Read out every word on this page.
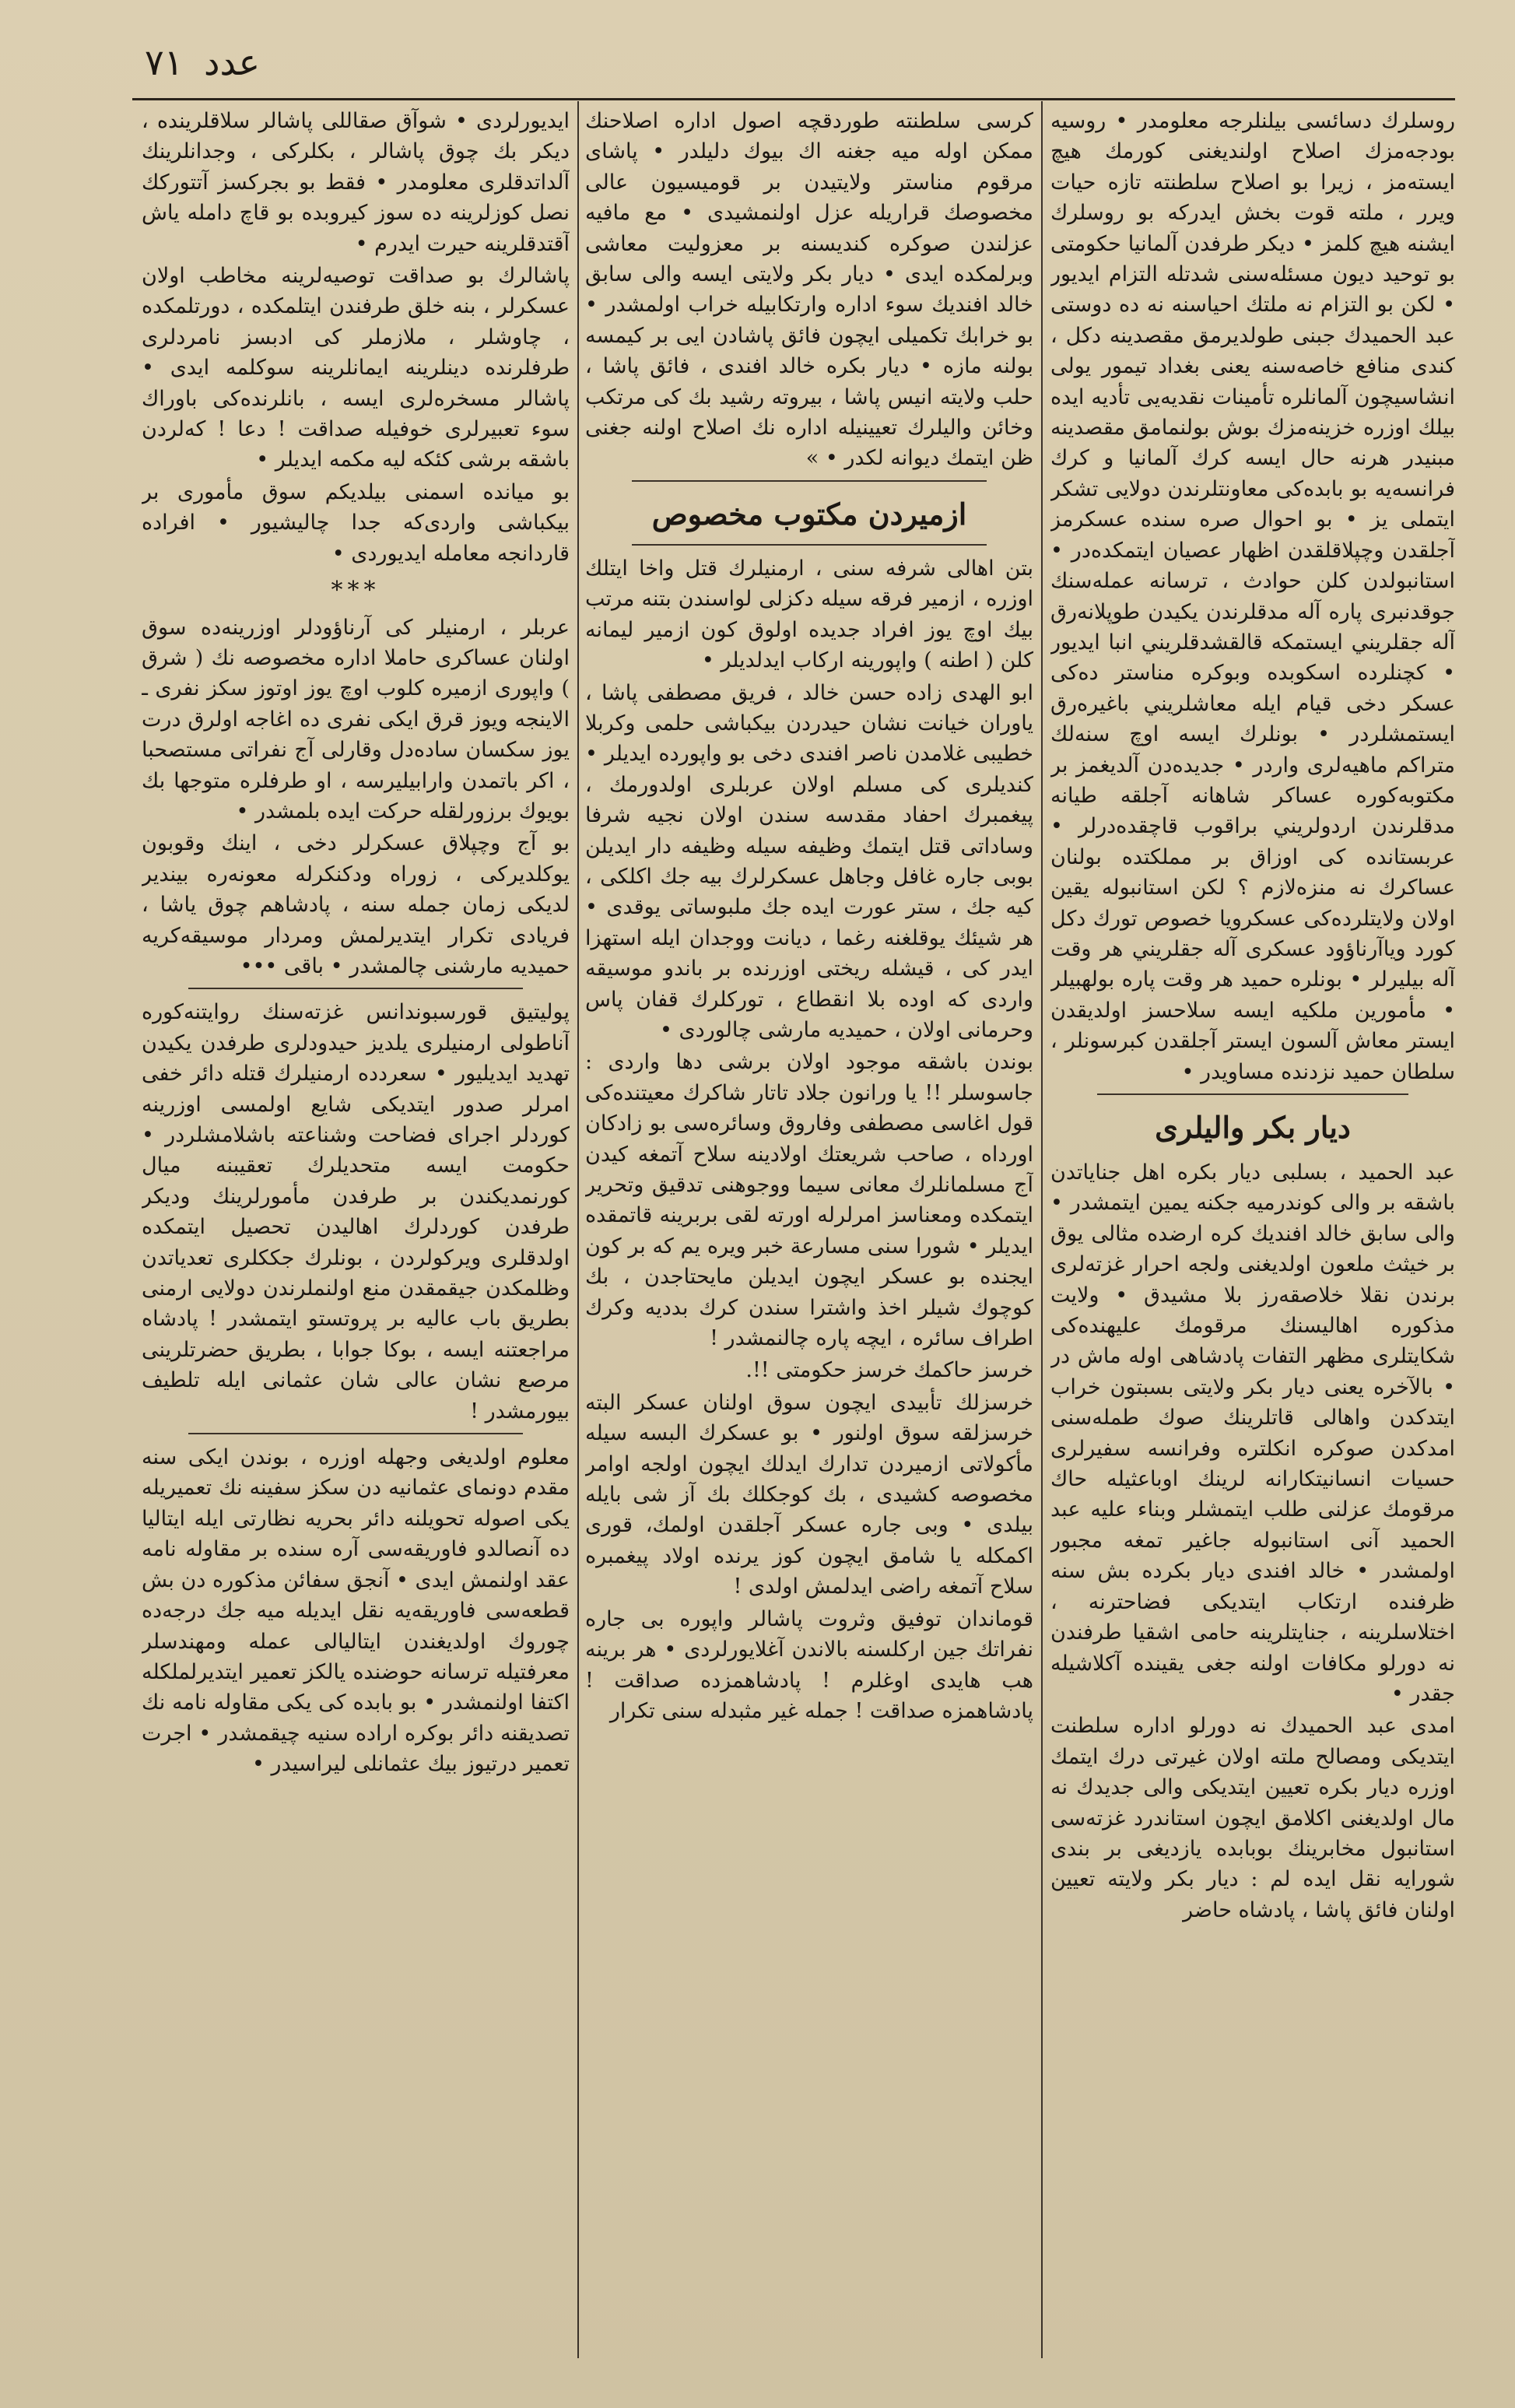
عدد ٧١

روسلرك دسائسی بيلنلرجه معلومدر • روسيه بودجه‌مزك اصلاح اولنديغنی كورمك هيچ ايسته‌مز ، زيرا بو اصلاح سلطنته تازه حيات ويرر ، ملته قوت بخش ايدركه بو روسلرك ايشنه هيچ كلمز • ديكر طرفدن آلمانيا حكومتی بو توحيد ديون مسئله‌سنی شدتله التزام ايديور • لكن بو التزام نه ملتك احياسنه نه ده دوستی عبد الحميدك جبنی طولديرمق مقصدينه دكل ، كندی منافع خاصه‌سنه يعنی بغداد تيمور يولی انشاسيچون آلمانلره تأمينات نقديه‌يی تأديه ايده بيلك اوزره خزينه‌مزك بوش بولنمامق مقصدينه مبنيدر هرنه حال ايسه كرك آلمانيا و كرك فرانسه‌يه بو بابده‌كی معاونتلرندن دولايی تشكر ايتملی يز • بو احوال صره سنده عسكرمز آجلقدن وچپلاقلقدن اظهار عصيان ايتمكده‌در • استانبولدن كلن حوادث ، ترسانه عمله‌سنك جوقدنبری پاره آله مدقلرندن يكيدن طوپلانه‌رق آله جقلريني ايستمكه قالقشدقلريني انبا ايديور • كچنلرده اسكوبده وبوكره مناستر ده‌كی عسكر دخی قيام ايله معاشلريني باغيره‌رق ايستمشلردر • بونلرك ايسه اوچ سنه‌لك متراكم ماهيه‌لری واردر • جديده‌دن آلديغمز بر مكتوبه‌كوره عساكر شاهانه آجلقه طيانه مدقلرندن اردولريني براقوب قاچقده‌درلر • عربستانده كی اوزاق بر مملكتده بولنان عساكرك نه منزه‌لازم ؟ لكن استانبوله يقين اولان ولايتلرده‌كی عسكرويا خصوص تورك دكل كورد وياآرناؤود عسكری آله جقلريني هر وقت آله بيليرلر • بونلره حميد هر وقت پاره بولهبيلر • مأمورين ملكيه ايسه سلاحسز اولديقدن ايستر معاش آلسون ايستر آجلقدن كبرسونلر ، سلطان حميد نزدنده مساويدر •

ديار بكر واليلری

عبد الحميد ، بسلبی ديار بكره اهل جناياتدن باشقه بر والی كوندرميه جكنه يمين ايتمشدر • والی سابق خالد افنديك كره ارضده مثالی يوق بر خيثث ملعون اولديغنی ولجه احرار غزته‌لری برندن نقلا خلاصقه‌رز بلا مشيدق • ولايت مذكوره اهاليسنك مرقومك عليهنده‌كی شكايتلری مظهر التفات پادشاهی اوله ماش در • بالآخره يعنی ديار بكر ولايتی بسبتون خراب ايتدكدن واهالی قاتلرينك صوك طمله‌سنی امدكدن صوكره انكلتره وفرانسه سفيرلری حسيات انسانيتكارانه لرينك اوباعثيله حاك مرقومك عزلنی طلب ايتمشلر وبناء عليه عبد الحميد آنی استانبوله جاغير تمغه مجبور اولمشدر • خالد افندی ديار بكرده بش سنه ظرفنده ارتكاب ايتديكی فضاحترنه ، اختلاسلرينه ، جنايتلرينه حامی اشقيا طرفندن نه دورلو مكافات اولنه جغی يقينده آكلاشيله جقدر •

امدی عبد الحميدك نه دورلو اداره سلطنت ايتديكی ومصالح ملته اولان غيرتی درك ايتمك اوزره ديار بكره تعيين ايتديكی والی جديدك نه مال اولديغنی اكلامق ايچون استاندرد غزته‌سی استانبول مخابرينك بوبابده يازديغی بر بندی شورايه نقل ايده لم : ديار بكر ولايته تعيين اولنان فائق پاشا ، پادشاه حاضر

كرسی سلطنته طوردقچه اصول اداره اصلاحنك ممكن اوله ميه جغنه اك بيوك دليلدر • پاشای مرقوم مناستر ولايتيدن بر قوميسيون عالی مخصوصك قراريله عزل اولنمشيدی • مع مافيه عزلندن صوكره كنديسنه بر معزوليت معاشی وبرلمكده ايدی • ديار بكر ولايتی ايسه والی سابق خالد افنديك سوء اداره وارتكابيله خراب اولمشدر • بو خرابك تكميلی ايچون فائق پاشادن ايی بر كيمسه بولنه مازه • ديار بكره خالد افندی ، فائق پاشا ، حلب ولايته انيس پاشا ، بيروته رشيد بك كی مرتكب وخائن واليلرك تعيينيله اداره نك اصلاح اولنه جغنی ظن ايتمك ديوانه لكدر • »

ازميردن مكتوب مخصوص

بتن اهالی شرفه سنی ، ارمنيلرك قتل واخا ايتلك اوزره ، ازمير فرقه سيله دكزلی لواسندن بتنه مرتب بيك اوچ يوز افراد جديده اولوق كون ازمير ليمانه كلن ( اطنه ) واپورينه اركاب ايدلديلر •

ابو الهدى زاده حسن خالد ، فريق مصطفی پاشا ، ياوران خيانت نشان حيدردن بيكباشی حلمی وكربلا خطيبی غلامدن ناصر افندی دخی بو واپورده ايديلر • كنديلری كی مسلم اولان عربلری اولدورمك ، پيغمبرك احفاد مقدسه سندن اولان نجيه شرفا وساداتی قتل ايتمك وظيفه سيله وظيفه دار ايديلن بوبی جاره غافل وجاهل عسكرلرك بيه جك اكلكی ، كيه جك ، ستر عورت ايده جك ملبوساتی يوقدی • هر شيئك يوقلغنه رغما ، ديانت ووجدان ايله استهزا ايدر كی ، قيشله ريختی اوزرنده بر باندو موسيقه واردی كه اوده بلا انقطاع ، توركلرك قفان پاس وحرمانی اولان ، حميديه مارشی چالوردی •

بوندن باشقه موجود اولان برشی دها واردی : جاسوسلر !! يا ورانون جلاد تاتار شاكرك معيتنده‌كی قول اغاسی مصطفی وفاروق وسائره‌سی بو زادكان اورداه ، صاحب شريعتك اولادينه سلاح آتمغه كيدن آج مسلمانلرك معانی سيما ووجوهنی تدقيق وتحرير ايتمكده ومعناسز امرلرله اورته لقی بربرينه قاتمقده ايديلر • شورا سنی مسارعة خبر ويره يم كه بر كون ايجنده بو عسكر ايچون ايديلن مايحتاجدن ، بك كوچوك شيلر اخذ واشترا سندن كرك بدديه وكرك اطراف سائره ، ايچه پاره چالنمشدر !

خرسز حاكمك خرسز حكومتی !!.

خرسزلك تأبيدی ايچون سوق اولنان عسكر البته خرسزلقه سوق اولنور • بو عسكرك البسه سيله مأكولاتی ازميردن تدارك ايدلك ايچون اولجه اوامر مخصوصه كشيدی ، بك كوجكلك بك آز شی بايله بيلدی • وبی جاره عسكر آجلقدن اولمك، قوری اكمكله يا شامق ايچون كوز يرنده اولاد پيغمبره سلاح آتمغه راضی ايدلمش اولدی !

قوماندان توفيق وثروت پاشالر واپوره بی جاره نفراتك جين اركلسنه بالاندن آغلايورلردی • هر برينه هب هايدی اوغلرم ! پادشاهمزده صداقت ! پادشاهمزه صداقت ! جمله غير مثبدله سنی تكرار

ايديورلردی • شوآق صقاللی پاشالر سلاقلرينده ، ديكر بك چوق پاشالر ، بكلركی ، وجدانلرينك آلداتدقلری معلومدر • فقط بو بجركسز آتتوركك نصل كوزلرينه ده سوز كيروبده بو قاچ دامله ياش آقتدقلرينه حيرت ايدرم •

پاشالرك بو صداقت توصيه‌لرينه مخاطب اولان عسكرلر ، بنه خلق طرفندن ايتلمكده ، دورتلمكده ، چاوشلر ، ملازملر كی ادبسز نامردلری طرفلرنده دينلرينه ايمانلرينه سوكلمه ايدی • پاشالر مسخره‌لری ايسه ، بانلرنده‌كی باوراك سوء تعبيرلری خوفيله صداقت ! دعا ! كه‌لردن باشقه برشی كئكه ليه مكمه ايديلر •

بو ميانده اسمنی بيلديكم سوق مأموری بر بيكباشی واردی‌كه جدا چاليشيور • افراده قاردانجه معامله ايديوردی •

***

عربلر ، ارمنيلر كی آرناؤودلر اوزرينه‌ده سوق اولنان عساكری حاملا اداره مخصوصه نك ( شرق ) واپوری ازميره كلوب اوچ يوز اوتوز سكز نفری ـ الاينجه ويوز قرق ايكی نفری ده اغاجه اولرق درت يوز سكسان ساده‌دل وقارلی آج نفراتی مستصحبا ، اكر باتمدن وارابيليرسه ، او طرفلره متوجها بك بويوك برزورلقله حركت ايده بلمشدر •

بو آج وچپلاق عسكرلر دخی ، اينك وقوبون يوكلديركی ، زوراه ودكنكرله معونه‌ره بيندير لديكی زمان جمله سنه ، پادشاهم چوق ياشا ، فريادی تكرار ايتديرلمش ومردار موسيقه‌كريه حميديه مارشنی چالمشدر • باقی •••

پوليتيق قورسبوندانس غزته‌سنك روايتنه‌كوره آناطولی ارمنيلری يلديز حيدودلری طرفدن يكيدن تهديد ايديليور • سعردده ارمنيلرك قتله دائر خفی امرلر صدور ايتديكی شايع اولمسی اوزرينه كوردلر اجرای فضاحت وشناعته باشلامشلردر • حكومت ايسه متحديلرك تعقيبنه ميال كورنمديكندن بر طرفدن مأمورلرينك وديكر طرفدن كوردلرك اهاليدن تحصيل ايتمكده اولدقلری ويركولردن ، بونلرك جككلری تعدياتدن وظلمكدن جيقمقدن منع اولنملرندن دولايی ارمنی بطريق باب عاليه بر پروتستو ايتمشدر ! پادشاه مراجعتنه ايسه ، بوكا جوابا ، بطريق حضرتلرينی مرصع نشان عالی شان عثمانی ايله تلطيف بيورمشدر !

معلوم اولديغی وجهله اوزره ، بوندن ايكی سنه مقدم دونمای عثمانيه دن سكز سفينه نك تعميريله يكی اصوله تحويلنه دائر بحريه نظارتی ايله ايتاليا ده آنصالدو فاوريقه‌سی آره سنده بر مقاوله نامه عقد اولنمش ايدی • آنجق سفائن مذكوره دن بش قطعه‌سی فاوريقه‌يه نقل ايديله ميه جك درجه‌ده چوروك اولديغندن ايتاليالی عمله ومهندسلر معرفتيله ترسانه حوضنده يالكز تعمير ايتديرلملكله اكتفا اولنمشدر • بو بابده كی يكی مقاوله نامه نك تصديقنه دائر بوكره اراده سنيه چيقمشدر • اجرت تعمير درتيوز بيك عثمانلی ليراسيدر •
